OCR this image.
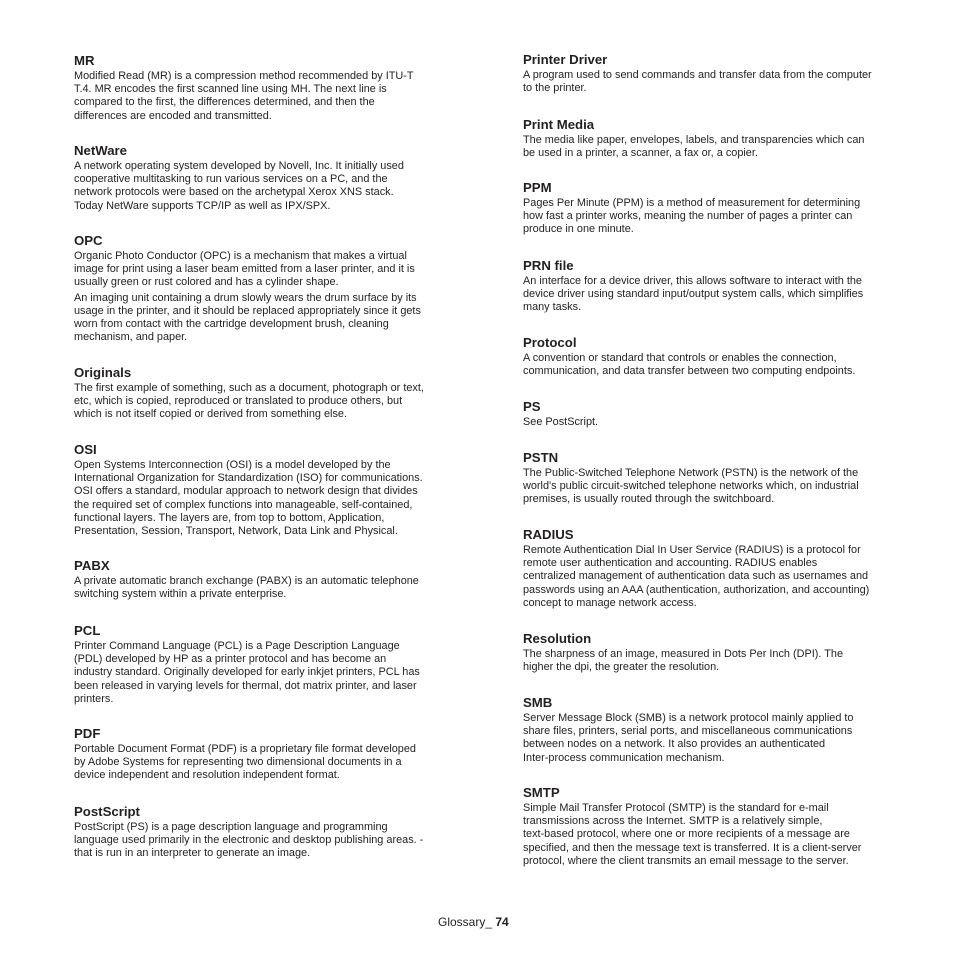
MR
Modified Read (MR) is a compression method recommended by ITU-T
T.4. MR encodes the first scanned line using MH. The next line is
compared to the first, the differences determined, and then the
differences are encoded and transmitted.
NetWare
A network operating system developed by Novell, Inc. It initially used
cooperative multitasking to run various services on a PC, and the
network protocols were based on the archetypal Xerox XNS stack.
Today NetWare supports TCP/IP as well as IPX/SPX.
OPC
Organic Photo Conductor (OPC) is a mechanism that makes a virtual
image for print using a laser beam emitted from a laser printer, and it is
usually green or rust colored and has a cylinder shape.
An imaging unit containing a drum slowly wears the drum surface by its
usage in the printer, and it should be replaced appropriately since it gets
worn from contact with the cartridge development brush, cleaning
mechanism, and paper.
Originals
The first example of something, such as a document, photograph or text,
etc, which is copied, reproduced or translated to produce others, but
which is not itself copied or derived from something else.
OSI
Open Systems Interconnection (OSI) is a model developed by the
International Organization for Standardization (ISO) for communications.
OSI offers a standard, modular approach to network design that divides
the required set of complex functions into manageable, self-contained,
functional layers. The layers are, from top to bottom, Application,
Presentation, Session, Transport, Network, Data Link and Physical.
PABX
A private automatic branch exchange (PABX) is an automatic telephone
switching system within a private enterprise.
PCL
Printer Command Language (PCL) is a Page Description Language
(PDL) developed by HP as a printer protocol and has become an
industry standard. Originally developed for early inkjet printers, PCL has
been released in varying levels for thermal, dot matrix printer, and laser
printers.
PDF
Portable Document Format (PDF) is a proprietary file format developed
by Adobe Systems for representing two dimensional documents in a
device independent and resolution independent format.
PostScript
PostScript (PS) is a page description language and programming
language used primarily in the electronic and desktop publishing areas. -
that is run in an interpreter to generate an image.
Printer Driver
A program used to send commands and transfer data from the computer
to the printer.
Print Media
The media like paper, envelopes, labels, and transparencies which can
be used in a printer, a scanner, a fax or, a copier.
PPM
Pages Per Minute (PPM) is a method of measurement for determining
how fast a printer works, meaning the number of pages a printer can
produce in one minute.
PRN file
An interface for a device driver, this allows software to interact with the
device driver using standard input/output system calls, which simplifies
many tasks.
Protocol
A convention or standard that controls or enables the connection,
communication, and data transfer between two computing endpoints.
PS
See PostScript.
PSTN
The Public-Switched Telephone Network (PSTN) is the network of the
world's public circuit-switched telephone networks which, on industrial
premises, is usually routed through the switchboard.
RADIUS
Remote Authentication Dial In User Service (RADIUS) is a protocol for
remote user authentication and accounting. RADIUS enables
centralized management of authentication data such as usernames and
passwords using an AAA (authentication, authorization, and accounting)
concept to manage network access.
Resolution
The sharpness of an image, measured in Dots Per Inch (DPI). The
higher the dpi, the greater the resolution.
SMB
Server Message Block (SMB) is a network protocol mainly applied to
share files, printers, serial ports, and miscellaneous communications
between nodes on a network. It also provides an authenticated
Inter-process communication mechanism.
SMTP
Simple Mail Transfer Protocol (SMTP) is the standard for e-mail
transmissions across the Internet. SMTP is a relatively simple,
text-based protocol, where one or more recipients of a message are
specified, and then the message text is transferred. It is a client-server
protocol, where the client transmits an email message to the server.
Glossary_ 74
